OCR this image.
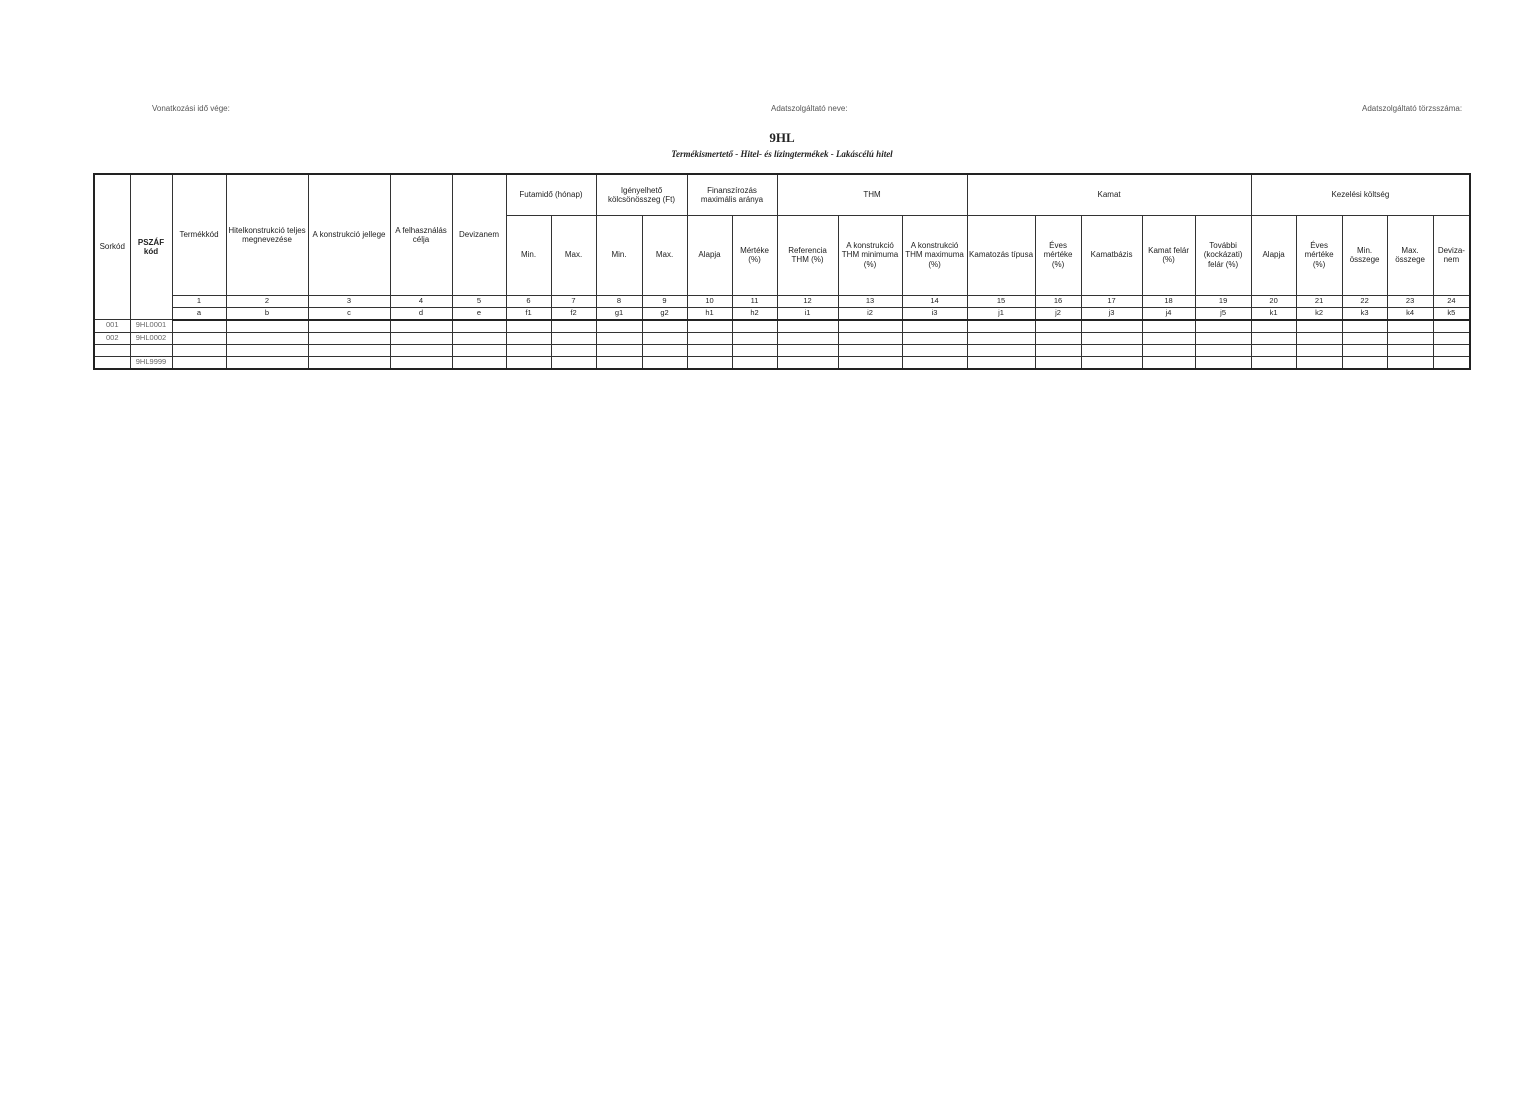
Vonatkozási idő vége:	Adatszolgáltató neve:	Adatszolgáltató törzsszáma:
9HL
Termékismertető - Hitel- és lízingtermékek - Lakáscélú hitel
Sorkód	PSZÁF kód	Termékkód	Hitelkonstrukció teljes megnevezése	A konstrukció jellege	A felhasználás célja	Devizanem	Futamidő (hónap)		Igényelhető kölcsönösszeg (Ft)		Finanszírozás maximális aránya		THM			Kamat					Kezelési költség				
							Min.	Max.	Min.	Max.	Alapja	Mértéke (%)	Referencia THM (%)	A konstrukció THM minimuma (%)	A konstrukció THM maximuma (%)	Kamatozás típusa	Éves mértéke (%)	Kamatbázis	Kamat felár (%)	További (kockázati) felár (%)	Alapja	Éves mértéke (%)	Min. összege	Max. összege	Deviza-nem
		1	2	3	4	5	6	7	8	9	10	11	12	13	14	15	16	17	18	19	20	21	22	23	24
		a	b	c	d	e	f1	f2	g1	g2	h1	h2	i1	i2	i3	j1	j2	j3	j4	j5	k1	k2	k3	k4	k5
001	9HL0001																								
002	9HL0002																								

	9HL9999																								
